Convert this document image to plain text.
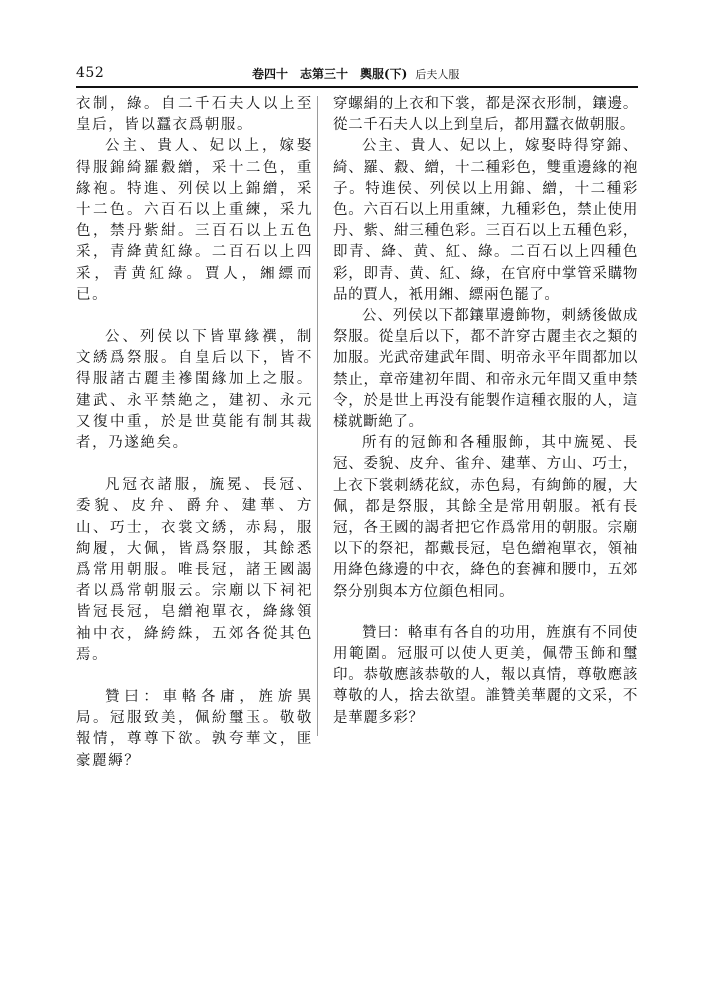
452	卷四十　志第三十　輿服(下) 后夫人服

衣制，綠。自二千石夫人以上至皇后，皆以蠶衣爲朝服。

公主、貴人、妃以上，嫁娶得服錦綺羅縠繒，采十二色，重緣袍。特進、列侯以上錦繒，采十二色。六百石以上重練，采九色，禁丹紫紺。三百石以上五色采，青絳黄紅綠。二百石以上四采，青黄紅綠。賈人，緗縹而已。

公、列侯以下皆單緣襈，制文綉爲祭服。自皇后以下，皆不得服諸古麗圭襂閨緣加上之服。建武、永平禁絶之，建初、永元又復中重，於是世莫能有制其裁者，乃遂絶矣。

凡冠衣諸服，旒冕、長冠、委貌、皮弁、爵弁、建華、方山、巧士，衣裳文綉，赤舄，服絇履，大佩，皆爲祭服，其餘悉爲常用朝服。唯長冠，諸王國謁者以爲常朝服云。宗廟以下祠祀皆冠長冠，皂繒袍單衣，絳緣領袖中衣，絳絝絑，五郊各從其色焉。

贊曰：車輅各庸，旌旂異局。冠服致美，佩紛璽玉。敬敬報情，尊尊下欲。孰夸華文，匪豪麗縟？

穿螺絹的上衣和下裳，都是深衣形制，鑲邊。從二千石夫人以上到皇后，都用蠶衣做朝服。

公主、貴人、妃以上，嫁娶時得穿錦、綺、羅、縠、繒，十二種彩色，雙重邊緣的袍子。特進侯、列侯以上用錦、繒，十二種彩色。六百石以上用重練，九種彩色，禁止使用丹、紫、紺三種色彩。三百石以上五種色彩，即青、絳、黄、紅、綠。二百石以上四種色彩，即青、黄、紅、綠，在官府中掌管采購物品的賈人，衹用緗、縹兩色罷了。

公、列侯以下都鑲單邊飾物，刺綉後做成祭服。從皇后以下，都不許穿古麗圭衣之類的加服。光武帝建武年間、明帝永平年間都加以禁止，章帝建初年間、和帝永元年間又重申禁令，於是世上再没有能製作這種衣服的人，這樣就斷絶了。

所有的冠飾和各種服飾，其中旒冕、長冠、委貌、皮弁、雀弁、建華、方山、巧士，上衣下裳刺綉花紋，赤色舄，有絇飾的履，大佩，都是祭服，其餘全是常用朝服。衹有長冠，各王國的謁者把它作爲常用的朝服。宗廟以下的祭祀，都戴長冠，皂色繒袍單衣，領袖用絳色緣邊的中衣，絳色的套褲和腰巾，五郊祭分别與本方位顔色相同。

贊曰：輅車有各自的功用，旌旗有不同使用範圍。冠服可以使人更美，佩帶玉飾和璽印。恭敬應該恭敬的人，報以真情，尊敬應該尊敬的人，捨去欲望。誰贊美華麗的文采，不是華麗多彩？
